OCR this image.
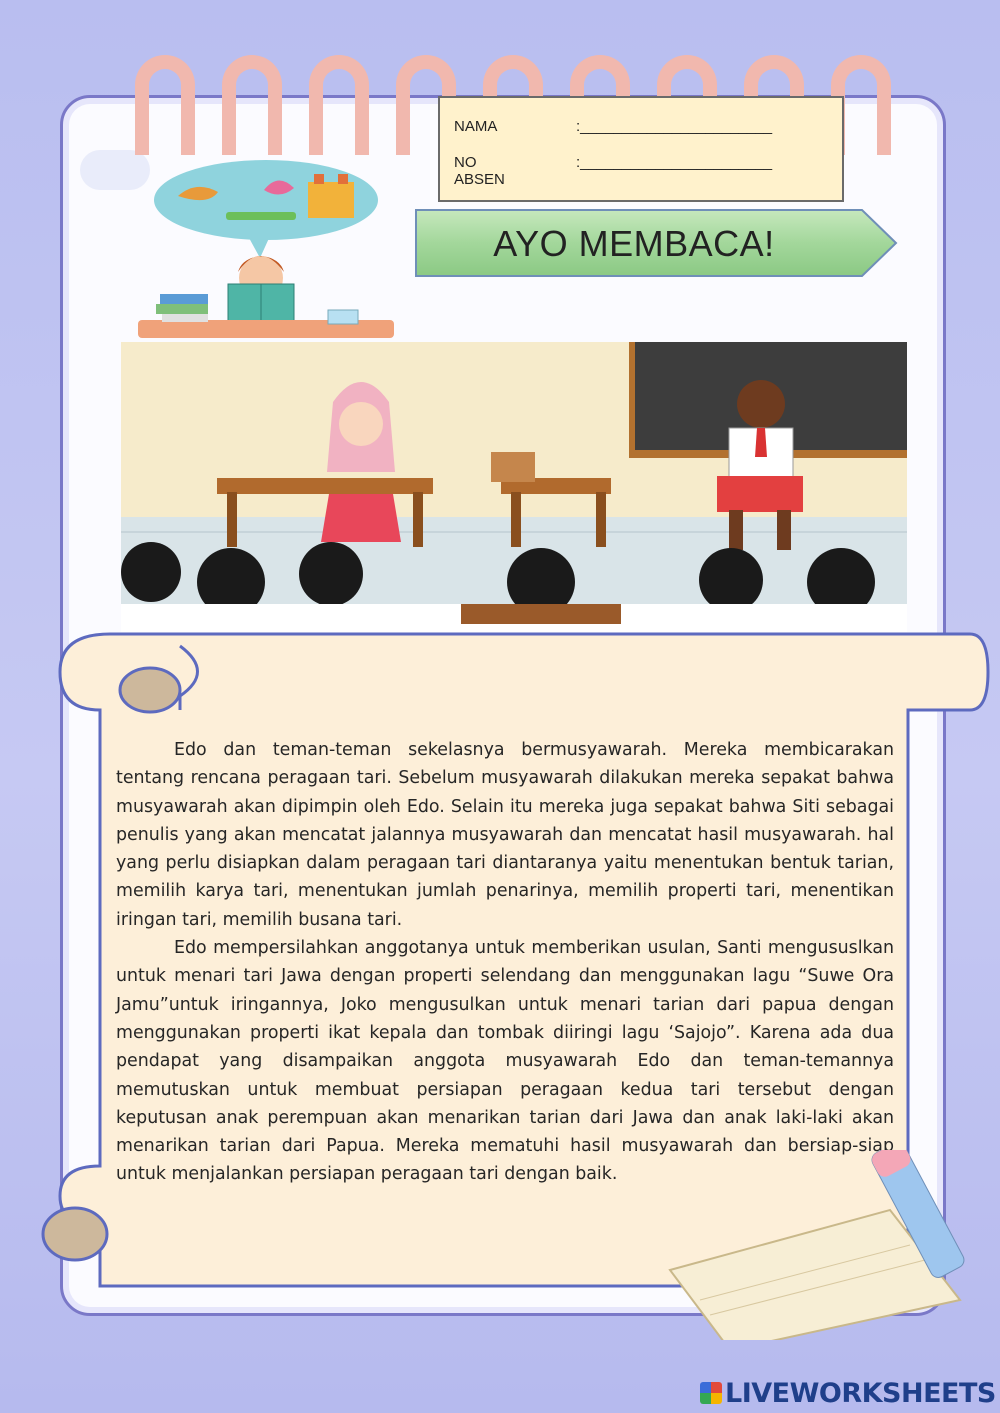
NAMA	:_______________________
NO ABSEN
:_______________________
AYO MEMBACA!

Edo dan teman-teman sekelasnya bermusyawarah. Mereka membicarakan tentang rencana peragaan tari. Sebelum musyawarah dilakukan mereka sepakat bahwa musyawarah akan dipimpin oleh Edo. Selain itu mereka juga sepakat bahwa Siti sebagai penulis yang akan mencatat jalannya musyawarah dan mencatat hasil musyawarah. hal yang perlu disiapkan dalam peragaan tari diantaranya yaitu menentukan bentuk tarian, memilih karya tari, menentukan jumlah penarinya, memilih properti tari, menentikan iringan tari, memilih busana tari.

Edo mempersilahkan anggotanya untuk memberikan usulan, Santi mengususlkan untuk menari tari Jawa dengan properti selendang dan menggunakan lagu “Suwe Ora Jamu”untuk iringannya, Joko mengusulkan untuk menari tarian dari papua dengan menggunakan properti ikat kepala dan tombak diiringi lagu ‘Sajojo”. Karena ada dua pendapat yang disampaikan anggota musyawarah Edo dan teman-temannya memutuskan untuk membuat persiapan peragaan kedua tari tersebut dengan keputusan anak perempuan akan menarikan tarian dari Jawa dan anak laki-laki akan menarikan tarian dari Papua. Mereka mematuhi hasil musyawarah dan bersiap-siap untuk menjalankan persiapan peragaan tari dengan baik.

LIVEWORKSHEETS
